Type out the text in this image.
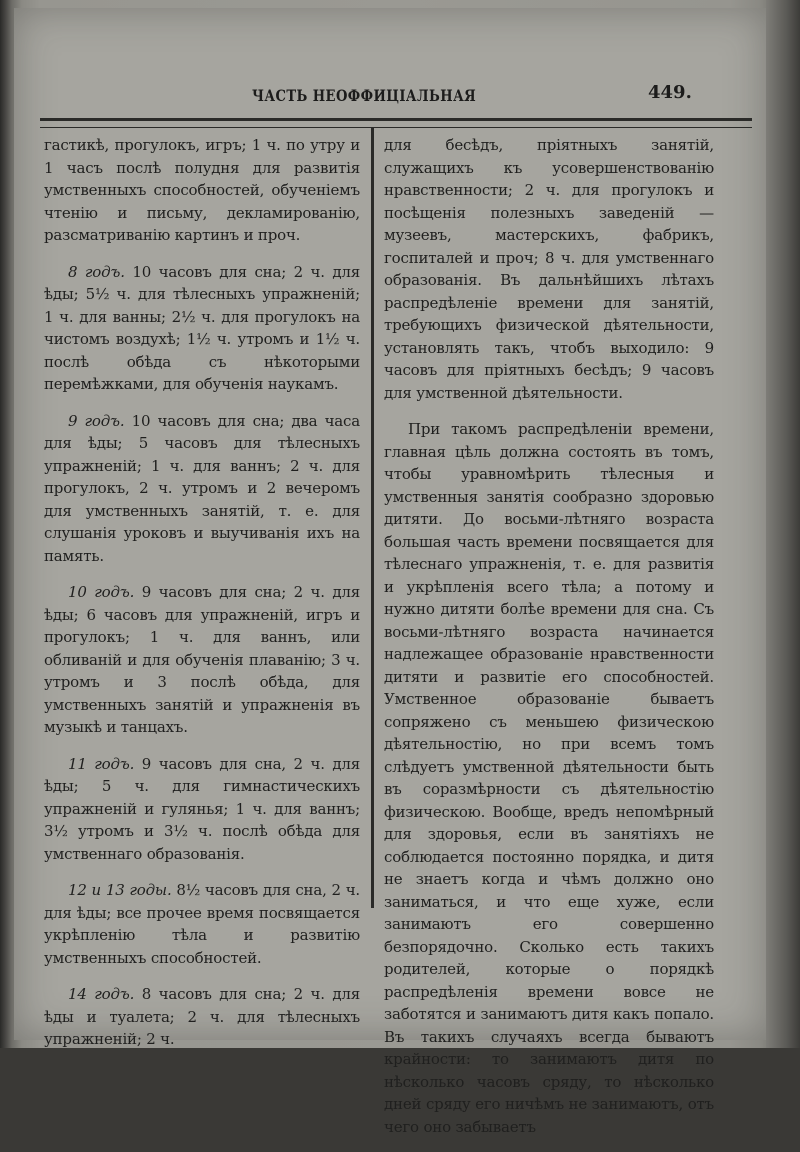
ЧАСТЬ НЕОФФИЦIАЛЬНАЯ	449.

гастикѣ, прогулокъ, игръ; 1 ч. по утру и 1 часъ послѣ полудня для развитiя умственныхъ способностей, обученiемъ чтенiю и письму, декламированiю, разсматриванiю картинъ и проч.

8 годъ. 10 часовъ для сна; 2 ч. для ѣды; 5½ ч. для тѣлесныхъ упражненiй; 1 ч. для ванны; 2½ ч. для прогулокъ на чистомъ воздухѣ; 1½ ч. утромъ и 1½ ч. послѣ обѣда съ нѣкоторыми перемѣжками, для обученiя наукамъ.

9 годъ. 10 часовъ для сна; два часа для ѣды; 5 часовъ для тѣлесныхъ упражненiй; 1 ч. для ваннъ; 2 ч. для прогулокъ, 2 ч. утромъ и 2 вечеромъ для умственныхъ занятiй, т. е. для слушанiя уроковъ и выучиванiя ихъ на память.

10 годъ. 9 часовъ для сна; 2 ч. для ѣды; 6 часовъ для упражненiй, игръ и прогулокъ; 1 ч. для ваннъ, или обливанiй и для обученiя плаванiю; 3 ч. утромъ и 3 послѣ обѣда, для умственныхъ занятiй и упражненiя въ музыкѣ и танцахъ.

11 годъ. 9 часовъ для сна, 2 ч. для ѣды; 5 ч. для гимнастическихъ упражненiй и гулянья; 1 ч. для ваннъ; 3½ утромъ и 3½ ч. послѣ обѣда для умственнаго образованiя.

12 и 13 годы. 8½ часовъ для сна, 2 ч. для ѣды; все прочее время посвящается укрѣпленiю тѣла и развитiю умственныхъ способностей.

14 годъ. 8 часовъ для сна; 2 ч. для ѣды и туалета; 2 ч. для тѣлесныхъ упражненiй; 2 ч.

для бесѣдъ, прiятныхъ занятiй, служащихъ къ усовершенствованiю нравственности; 2 ч. для прогулокъ и посѣщенiя полезныхъ заведенiй — музеевъ, мастерскихъ, фабрикъ, госпиталей и проч; 8 ч. для умственнаго образованiя. Въ дальнѣйшихъ лѣтахъ распредѣленiе времени для занятiй, требующихъ физической дѣятельности, установлять такъ, чтобъ выходило: 9 часовъ для прiятныхъ бесѣдъ; 9 часовъ для умственной дѣятельности.

При такомъ распредѣленiи времени, главная цѣль должна состоять въ томъ, чтобы уравномѣрить тѣлесныя и умственныя занятiя сообразно здоровью дитяти. До восьми-лѣтняго возраста большая часть времени посвящается для тѣлеснаго упражненiя, т. е. для развитiя и укрѣпленiя всего тѣла; а потому и нужно дитяти болѣе времени для сна. Съ восьми-лѣтняго возраста начинается надлежащее образованiе нравственности дитяти и развитiе его способностей. Умственное образованiе бываетъ сопряжено съ меньшею физическою дѣятельностiю, но при всемъ томъ слѣдуетъ умственной дѣятельности быть въ соразмѣрности съ дѣятельностiю физическою. Вообще, вредъ непомѣрный для здоровья, если въ занятiяхъ не соблюдается постоянно порядка, и дитя не знаетъ когда и чѣмъ должно оно заниматься, и что еще хуже, если занимаютъ его совершенно безпорядочно. Сколько есть такихъ родителей, которые о порядкѣ распредѣленiя времени вовсе не заботятся и занимаютъ дитя какъ попало. Въ такихъ случаяхъ всегда бываютъ крайности: то занимаютъ дитя по нѣсколько часовъ сряду, то нѣсколько дней сряду его ничѣмъ не занимаютъ, отъ чего оно забываетъ
